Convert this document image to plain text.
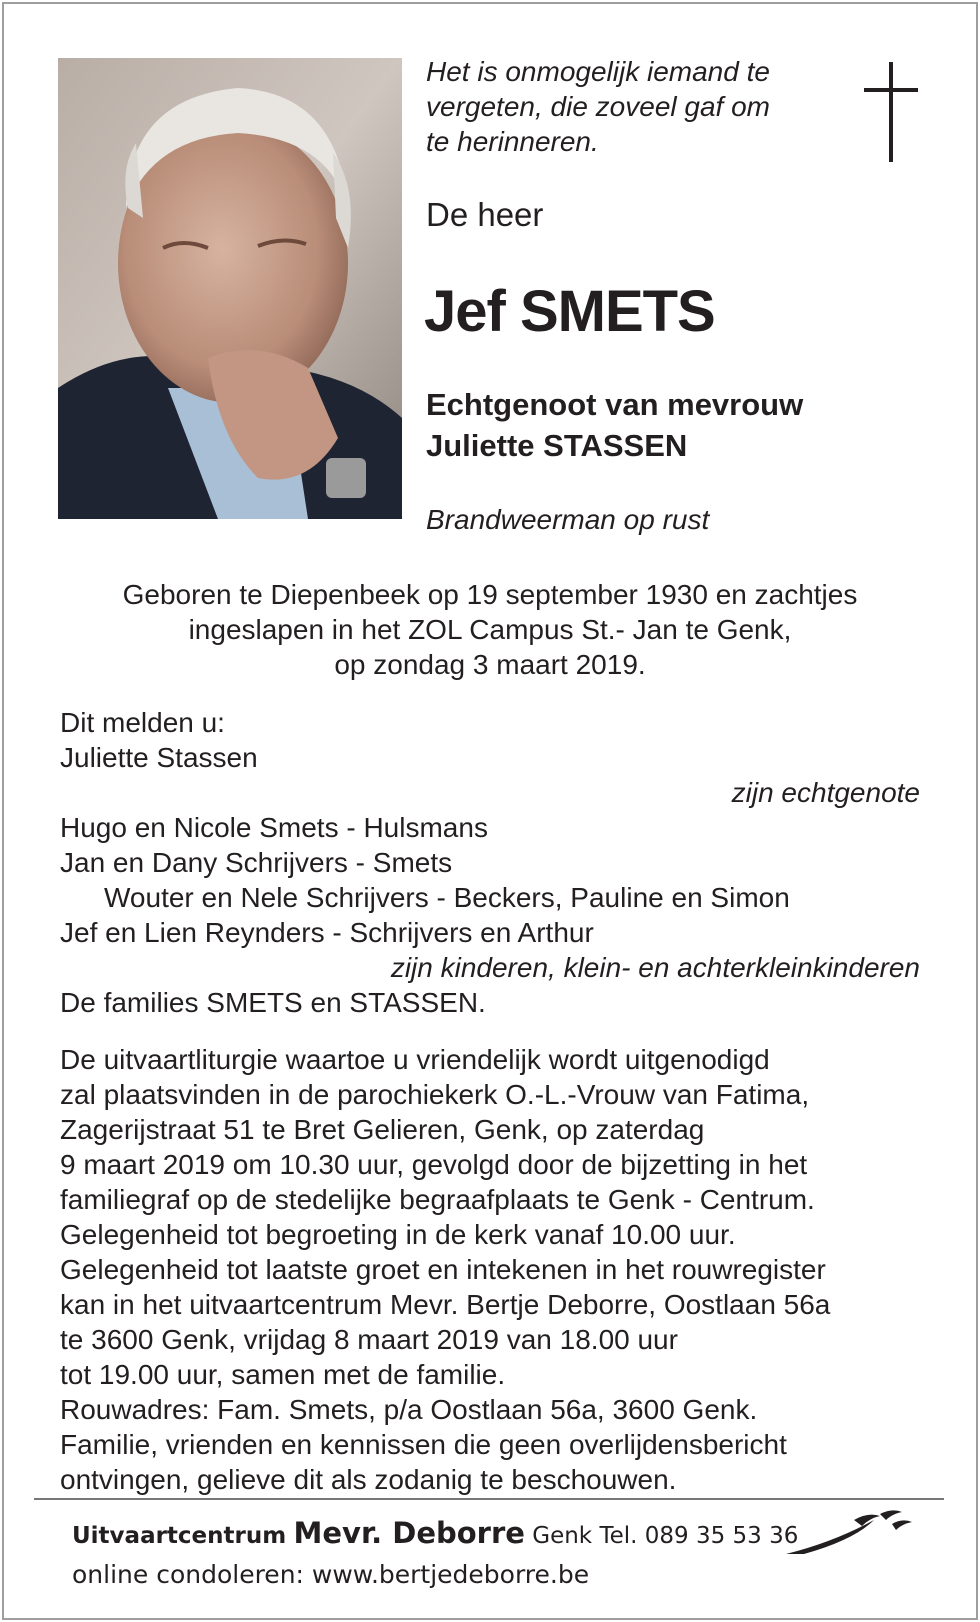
Het is onmogelijk iemand te
vergeten, die zoveel gaf om
te herinneren.
De heer
Jef SMETS
Echtgenoot van mevrouw
Juliette STASSEN
Brandweerman op rust
Geboren te Diepenbeek op 19 september 1930 en zachtjes
ingeslapen in het ZOL Campus St.- Jan te Genk,
op zondag 3 maart 2019.
Dit melden u:
Juliette Stassen
zijn echtgenote
Hugo en Nicole Smets - Hulsmans
Jan en Dany Schrijvers - Smets
Wouter en Nele Schrijvers - Beckers, Pauline en Simon
Jef en Lien Reynders - Schrijvers en Arthur
zijn kinderen, klein- en achterkleinkinderen
De families SMETS en STASSEN.
De uitvaartliturgie waartoe u vriendelijk wordt uitgenodigd
zal plaatsvinden in de parochiekerk O.-L.-Vrouw van Fatima,
Zagerijstraat 51 te Bret Gelieren, Genk, op zaterdag
9 maart 2019 om 10.30 uur, gevolgd door de bijzetting in het
familiegraf op de stedelijke begraafplaats te Genk - Centrum.
Gelegenheid tot begroeting in de kerk vanaf 10.00 uur.
Gelegenheid tot laatste groet en intekenen in het rouwregister
kan in het uitvaartcentrum Mevr. Bertje Deborre, Oostlaan 56a
te 3600 Genk, vrijdag 8 maart 2019 van 18.00 uur
tot 19.00 uur, samen met de familie.
Rouwadres: Fam. Smets, p/a Oostlaan 56a, 3600 Genk.
Familie, vrienden en kennissen die geen overlijdensbericht
ontvingen, gelieve dit als zodanig te beschouwen.
Uitvaartcentrum Mevr. Deborre Genk Tel. 089 35 53 36
online condoleren: www.bertjedeborre.be
